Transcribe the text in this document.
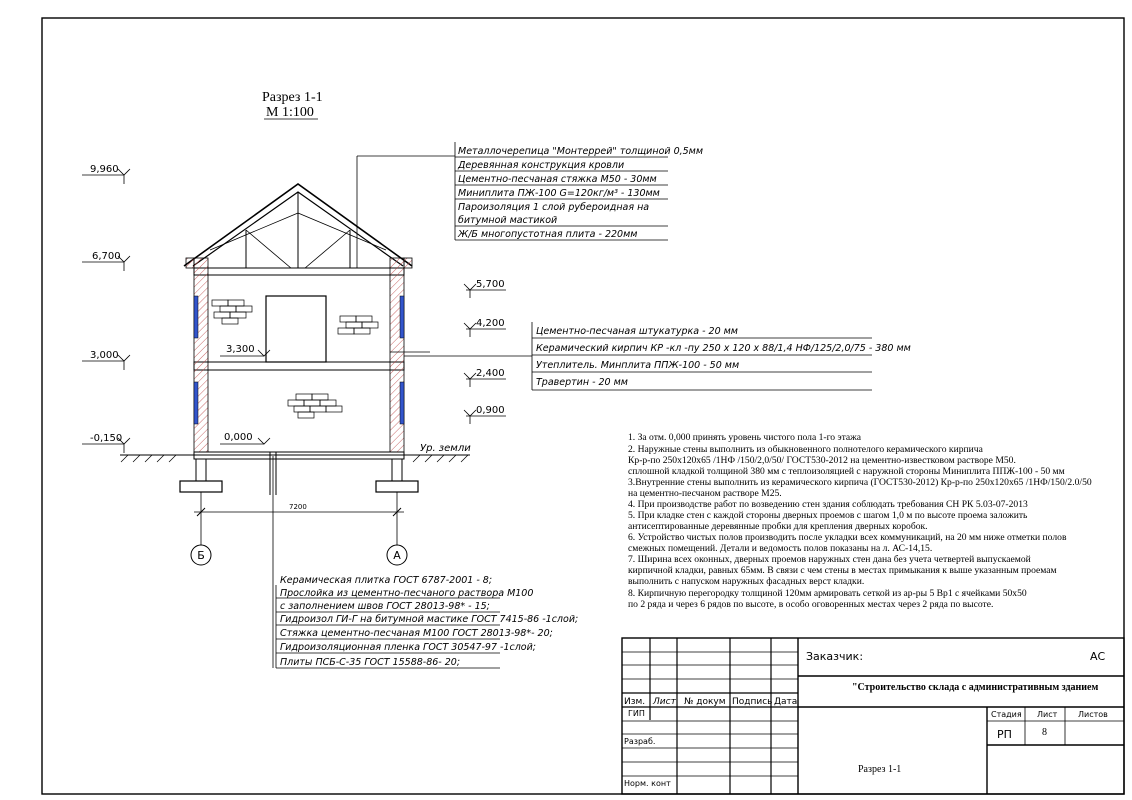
Разрез 1-1
М 1:100
Ур. земли
7200
Б	А
9,960
6,700
3,000
-0,150
3,300
0,000
5,700
4,200
2,400
0,900
Металлочерепица "Монтеррей" толщиной 0,5мм
Деревянная конструкция кровли
Цементно-песчаная стяжка М50 - 30мм
Миниплита ПЖ-100 G=120кг/м³ - 130мм
Пароизоляция 1 слой рубероидная на
битумной мастикой
Ж/Б многопустотная плита - 220мм
Цементно-песчаная штукатурка - 20 мм
Керамический кирпич КР -кл -пу 250 х 120 х 88/1,4 НФ/125/2,0/75 - 380 мм
Утеплитель. Минплита ППЖ-100 - 50 мм
Травертин - 20 мм
Керамическая плитка ГОСТ 6787-2001 - 8;
Прослойка из цементно-песчаного раствора М100
с заполнением швов ГОСТ 28013-98* - 15;
Гидроизол ГИ-Г на битумной мастике ГОСТ 7415-86 -1слой;
Стяжка цементно-песчаная М100 ГОСТ 28013-98*- 20;
Гидроизоляционная пленка ГОСТ 30547-97 -1слой;
Плиты ПСБ-С-35 ГОСТ 15588-86- 20;
1. За отм. 0,000 принять уровень чистого пола 1-го этажа
2. Наружные стены выполнить из обыкновенного полнотелого керамического кирпича
Кр-р-по 250х120х65 /1НФ /150/2,0/50/ ГОСТ530-2012 на цементно-известковом растворе М50.
сплошной кладкой толщиной 380 мм с теплоизоляцией с наружной стороны Миниплита ППЖ-100 - 50 мм
3.Внутренние стены выполнить из керамического кирпича (ГОСТ530-2012) Кр-р-по 250х120х65 /1НФ/150/2.0/50
на цементно-песчаном растворе М25.
4. При производстве работ по возведению стен здания соблюдать требования СН РК 5.03-07-2013
5. При кладке стен с каждой стороны дверных проемов с шагом 1,0 м по высоте проема заложить
антисептированные деревянные пробки для крепления дверных коробок.
6. Устройство чистых полов производить после укладки всех коммуникаций, на 20 мм ниже отметки полов
смежных помещений. Детали и ведомость полов показаны на л. АС-14,15.
7. Ширина всех оконных, дверных проемов наружных стен дана без учета четвертей выпускаемой
кирпичной кладки, равных 65мм. В связи с чем стены в местах примыкания к выше указанным проемам
выполнить с напуском наружных фасадных верст кладки.
8. Кирпичную перегородку толщиной 120мм армировать сеткой из ар-ры 5 Вр1 с ячейками 50х50
по 2 ряда и через 6 рядов по высоте, в особо оговоренных местах через 2 ряда по высоте.
Заказчик:	АС
"Строительство склада с административным зданием
Изм. Лист № докум Подпись Дата
ГИП
Разраб.
Норм. конт
Стадия Лист	Листов
РП	8
Разрез 1-1
